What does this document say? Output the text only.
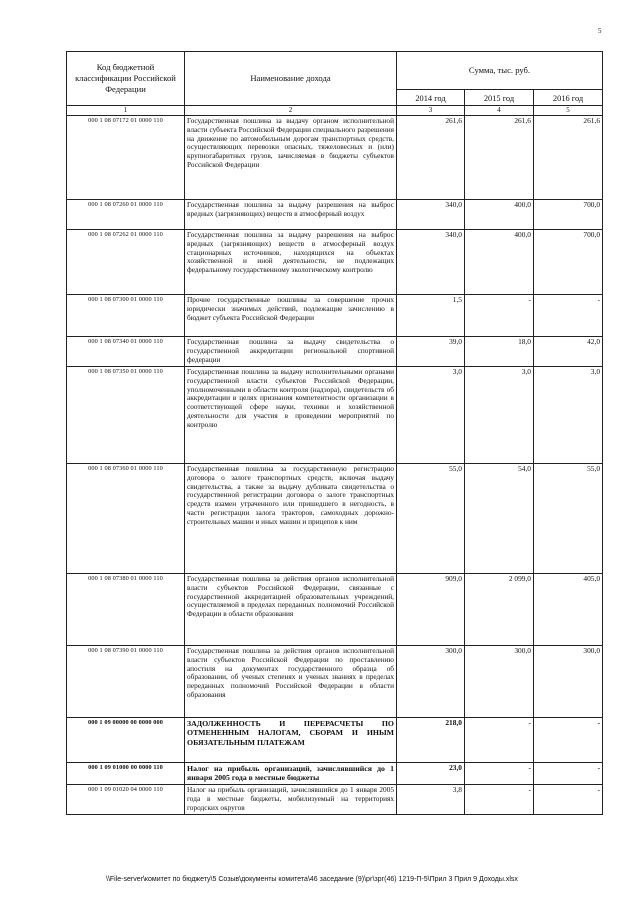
5
Код бюджетной классификации Российской Федерации	Наименование дохода	Сумма, тыс. руб.		
		2014 год	2015 год	2016 год
1	2	3	4	5
000 1 08 07172 01 0000 110	Государственная пошлина за выдачу органом исполнительной власти субъекта Российской Федерации специального разрешения на движение по автомобильным дорогам транспортных средств, осуществляющих перевозки опасных, тяжеловесных и (или) крупногабаритных грузов, зачисляемая в бюджеты субъектов Российской Федерации	261,6	261,6	261,6
000 1 08 07260 01 0000 110	Государственная пошлина за выдачу разрешения на выброс вредных (загрязняющих) веществ в атмосферный воздух	340,0	400,0	700,0
000 1 08 07262 01 0000 110	Государственная пошлина за выдачу разрешения на выброс вредных (загрязняющих) веществ в атмосферный воздух стационарных источников, находящихся на объектах хозяйственной и иной деятельности, не подлежащих федеральному государственному экологическому контролю	340,0	400,0	700,0
000 1 08 07300 01 0000 110	Прочие государственные пошлины за совершение прочих юридически значимых действий, подлежащие зачислению в бюджет субъекта Российской Федерации	1,5	-	-
000 1 08 07340 01 0000 110	Государственная пошлина за выдачу свидетельства о государственной аккредитации региональной спортивной федерации	39,0	18,0	42,0
000 1 08 07350 01 0000 110	Государственная пошлина за выдачу исполнительными органами государственной власти субъектов Российской Федерации, уполномоченными в области контроля (надзора), свидетельств об аккредитации в целях признания компетентности организации в соответствующей сфере науки, техники и хозяйственной деятельности для участия в проведении мероприятий по контролю	3,0	3,0	3,0
000 1 08 07360 01 0000 110	Государственная пошлина за государственную регистрацию договора о залоге транспортных средств, включая выдачу свидетельства, а также за выдачу дубликата свидетельства о государственной регистрации договора о залоге транспортных средств взамен утраченного или пришедшего в негодность, в части регистрации залога тракторов, самоходных дорожно-строительных машин и иных машин и прицепов к ним	55,0	54,0	55,0
000 1 08 07380 01 0000 110	Государственная пошлина за действия органов исполнительной власти субъектов Российской Федерации, связанные с государственной аккредитацией образовательных учреждений, осуществляемой в пределах переданных полномочий Российской Федерации в области образования	909,0	2 099,0	405,0
000 1 08 07390 01 0000 110	Государственная пошлина за действия органов исполнительной власти субъектов Российской Федерации по проставлению апостиля на документах государственного образца об образовании, об ученых степенях и ученых званиях в пределах переданных полномочий Российской Федерации в области образования	300,0	300,0	300,0
000 1 09 00000 00 0000 000	ЗАДОЛЖЕННОСТЬ И ПЕРЕРАСЧЕТЫ ПО ОТМЕНЕННЫМ НАЛОГАМ, СБОРАМ И ИНЫМ ОБЯЗАТЕЛЬНЫМ ПЛАТЕЖАМ	218,0	-	-
000 1 09 01000 00 0000 110	Налог на прибыль организаций, зачислявшийся до 1 января 2005 года в местные бюджеты	23,0	-	-
000 1 09 01020 04 0000 110	Налог на прибыль организаций, зачислявшийся до 1 января 2005 года в местные бюджеты, мобилизуемый на территориях городских округов	3,8	-	-
\\File-server\комитет по бюджету\5 Созыв\документы комитета\46 заседание (9)\рг\зрг(46) 1219-П-5\Прил 3 Прил 9 Доходы.xlsx
